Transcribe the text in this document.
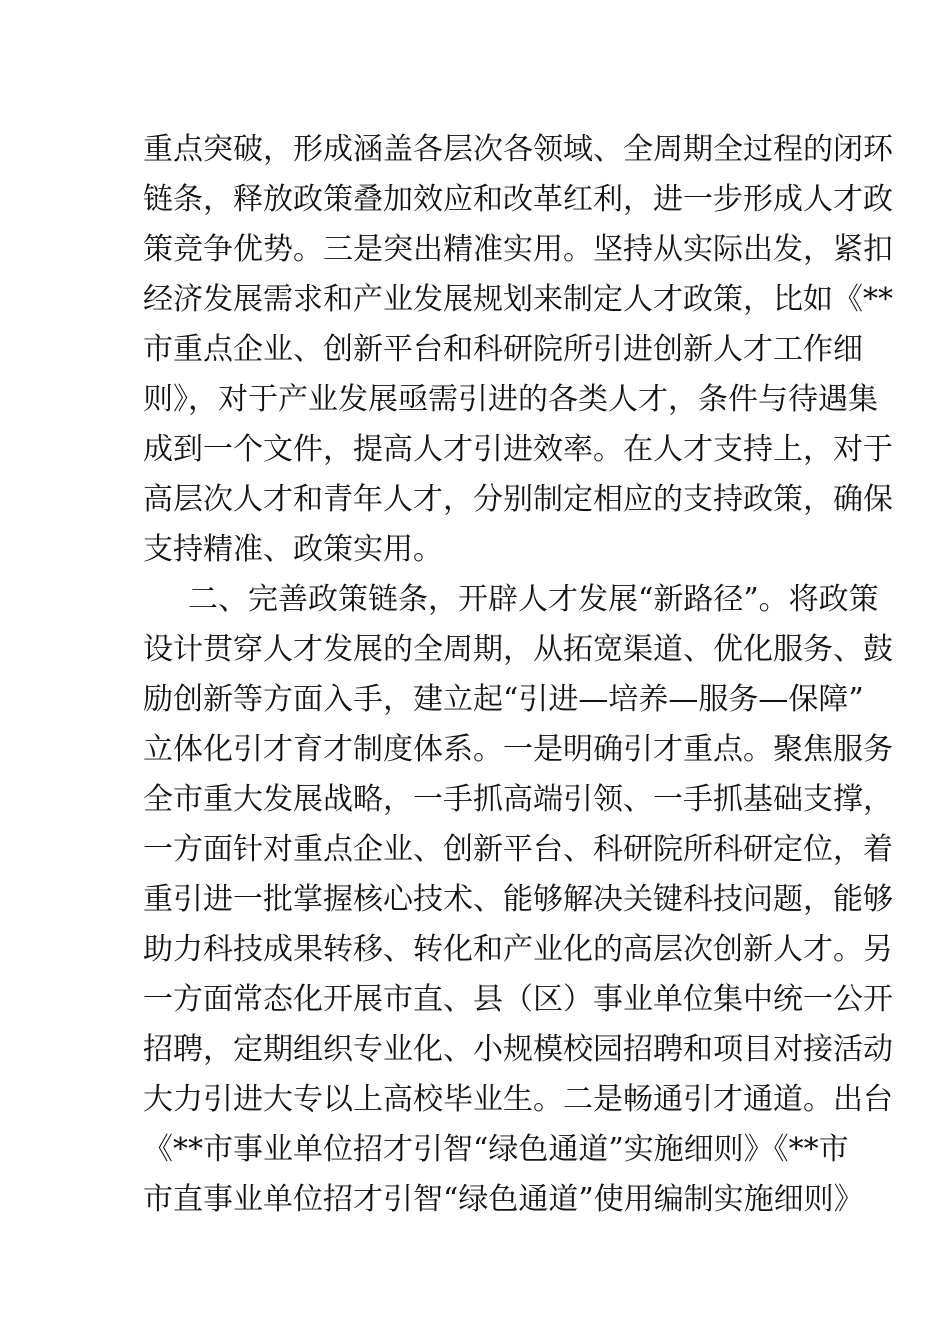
重点突破，形成涵盖各层次各领域、全周期全过程的闭环
链条，释放政策叠加效应和改革红利，进一步形成人才政
策竞争优势。三是突出精准实用。坚持从实际出发，紧扣
经济发展需求和产业发展规划来制定人才政策，比如《**
市重点企业、创新平台和科研院所引进创新人才工作细
则》，对于产业发展亟需引进的各类人才，条件与待遇集
成到一个文件，提高人才引进效率。在人才支持上，对于
高层次人才和青年人才，分别制定相应的支持政策，确保
支持精准、政策实用。
二、完善政策链条，开辟人才发展“新路径”。将政策
设计贯穿人才发展的全周期，从拓宽渠道、优化服务、鼓
励创新等方面入手，建立起“引进—培养—服务—保障”
立体化引才育才制度体系。一是明确引才重点。聚焦服务
全市重大发展战略，一手抓高端引领、一手抓基础支撑，
一方面针对重点企业、创新平台、科研院所科研定位，着
重引进一批掌握核心技术、能够解决关键科技问题，能够
助力科技成果转移、转化和产业化的高层次创新人才。另
一方面常态化开展市直、县（区）事业单位集中统一公开
招聘，定期组织专业化、小规模校园招聘和项目对接活动
大力引进大专以上高校毕业生。二是畅通引才通道。出台
《**市事业单位招才引智“绿色通道”实施细则》《**市
市直事业单位招才引智“绿色通道”使用编制实施细则》
